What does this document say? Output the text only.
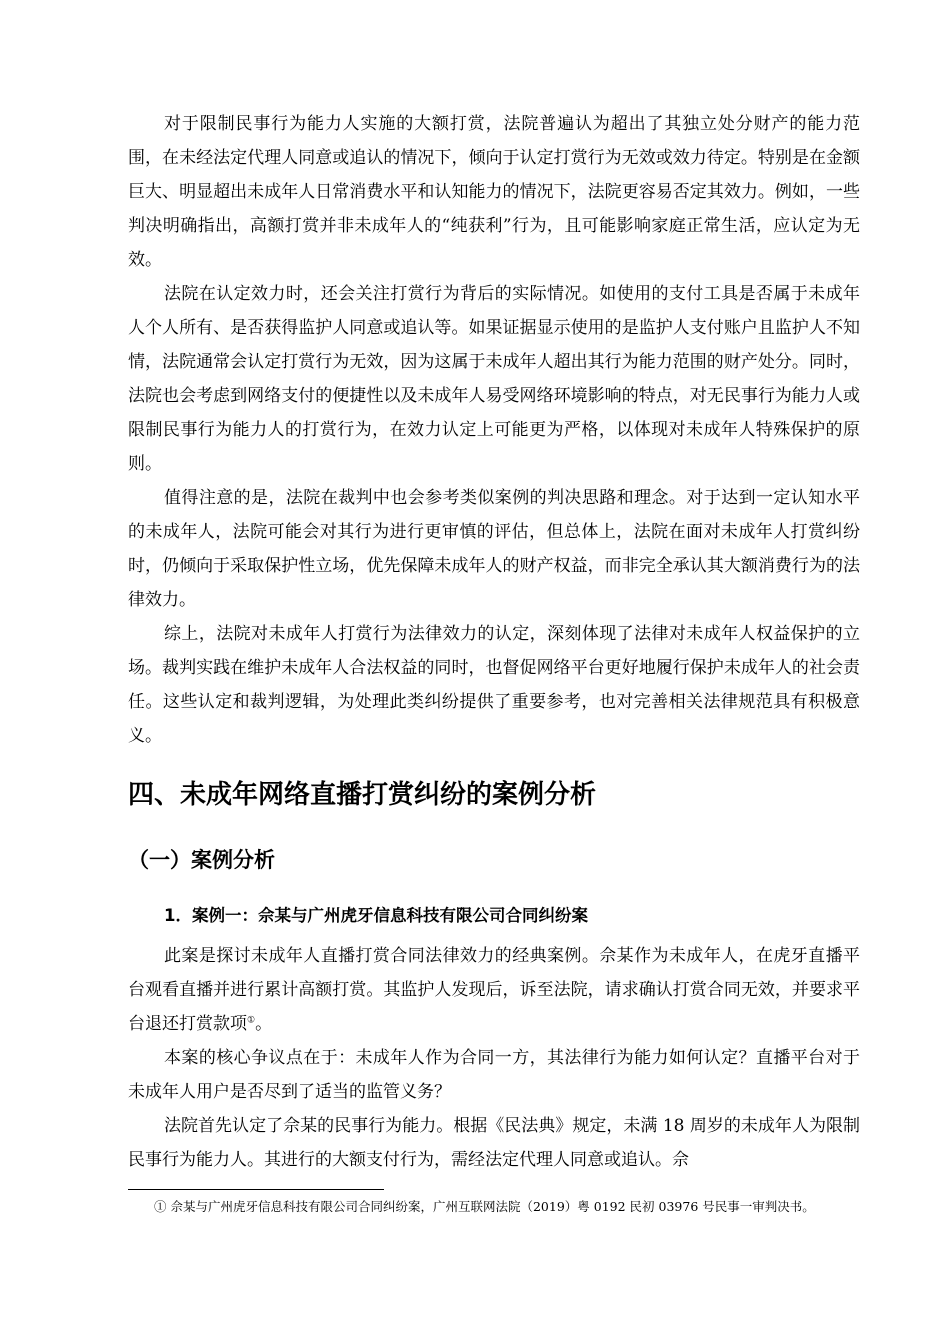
对于限制民事行为能力人实施的大额打赏，法院普遍认为超出了其独立处分财产的能力范围，在未经法定代理人同意或追认的情况下，倾向于认定打赏行为无效或效力待定。特别是在金额巨大、明显超出未成年人日常消费水平和认知能力的情况下，法院更容易否定其效力。例如，一些判决明确指出，高额打赏并非未成年人的“纯获利”行为，且可能影响家庭正常生活，应认定为无效。

法院在认定效力时，还会关注打赏行为背后的实际情况。如使用的支付工具是否属于未成年人个人所有、是否获得监护人同意或追认等。如果证据显示使用的是监护人支付账户且监护人不知情，法院通常会认定打赏行为无效，因为这属于未成年人超出其行为能力范围的财产处分。同时，法院也会考虑到网络支付的便捷性以及未成年人易受网络环境影响的特点，对无民事行为能力人或限制民事行为能力人的打赏行为，在效力认定上可能更为严格，以体现对未成年人特殊保护的原则。

值得注意的是，法院在裁判中也会参考类似案例的判决思路和理念。对于达到一定认知水平的未成年人，法院可能会对其行为进行更审慎的评估，但总体上，法院在面对未成年人打赏纠纷时，仍倾向于采取保护性立场，优先保障未成年人的财产权益，而非完全承认其大额消费行为的法律效力。

综上，法院对未成年人打赏行为法律效力的认定，深刻体现了法律对未成年人权益保护的立场。裁判实践在维护未成年人合法权益的同时，也督促网络平台更好地履行保护未成年人的社会责任。这些认定和裁判逻辑，为处理此类纠纷提供了重要参考，也对完善相关法律规范具有积极意义。

四、未成年网络直播打赏纠纷的案例分析
（一）案例分析
1．案例一：佘某与广州虎牙信息科技有限公司合同纠纷案

此案是探讨未成年人直播打赏合同法律效力的经典案例。佘某作为未成年人，在虎牙直播平台观看直播并进行累计高额打赏。其监护人发现后，诉至法院，请求确认打赏合同无效，并要求平台退还打赏款项①。

本案的核心争议点在于：未成年人作为合同一方，其法律行为能力如何认定？直播平台对于未成年人用户是否尽到了适当的监管义务？

法院首先认定了佘某的民事行为能力。根据《民法典》规定，未满 18 周岁的未成年人为限制民事行为能力人。其进行的大额支付行为，需经法定代理人同意或追认。佘

① 佘某与广州虎牙信息科技有限公司合同纠纷案，广州互联网法院（2019）粤 0192 民初 03976 号民事一审判决书。
